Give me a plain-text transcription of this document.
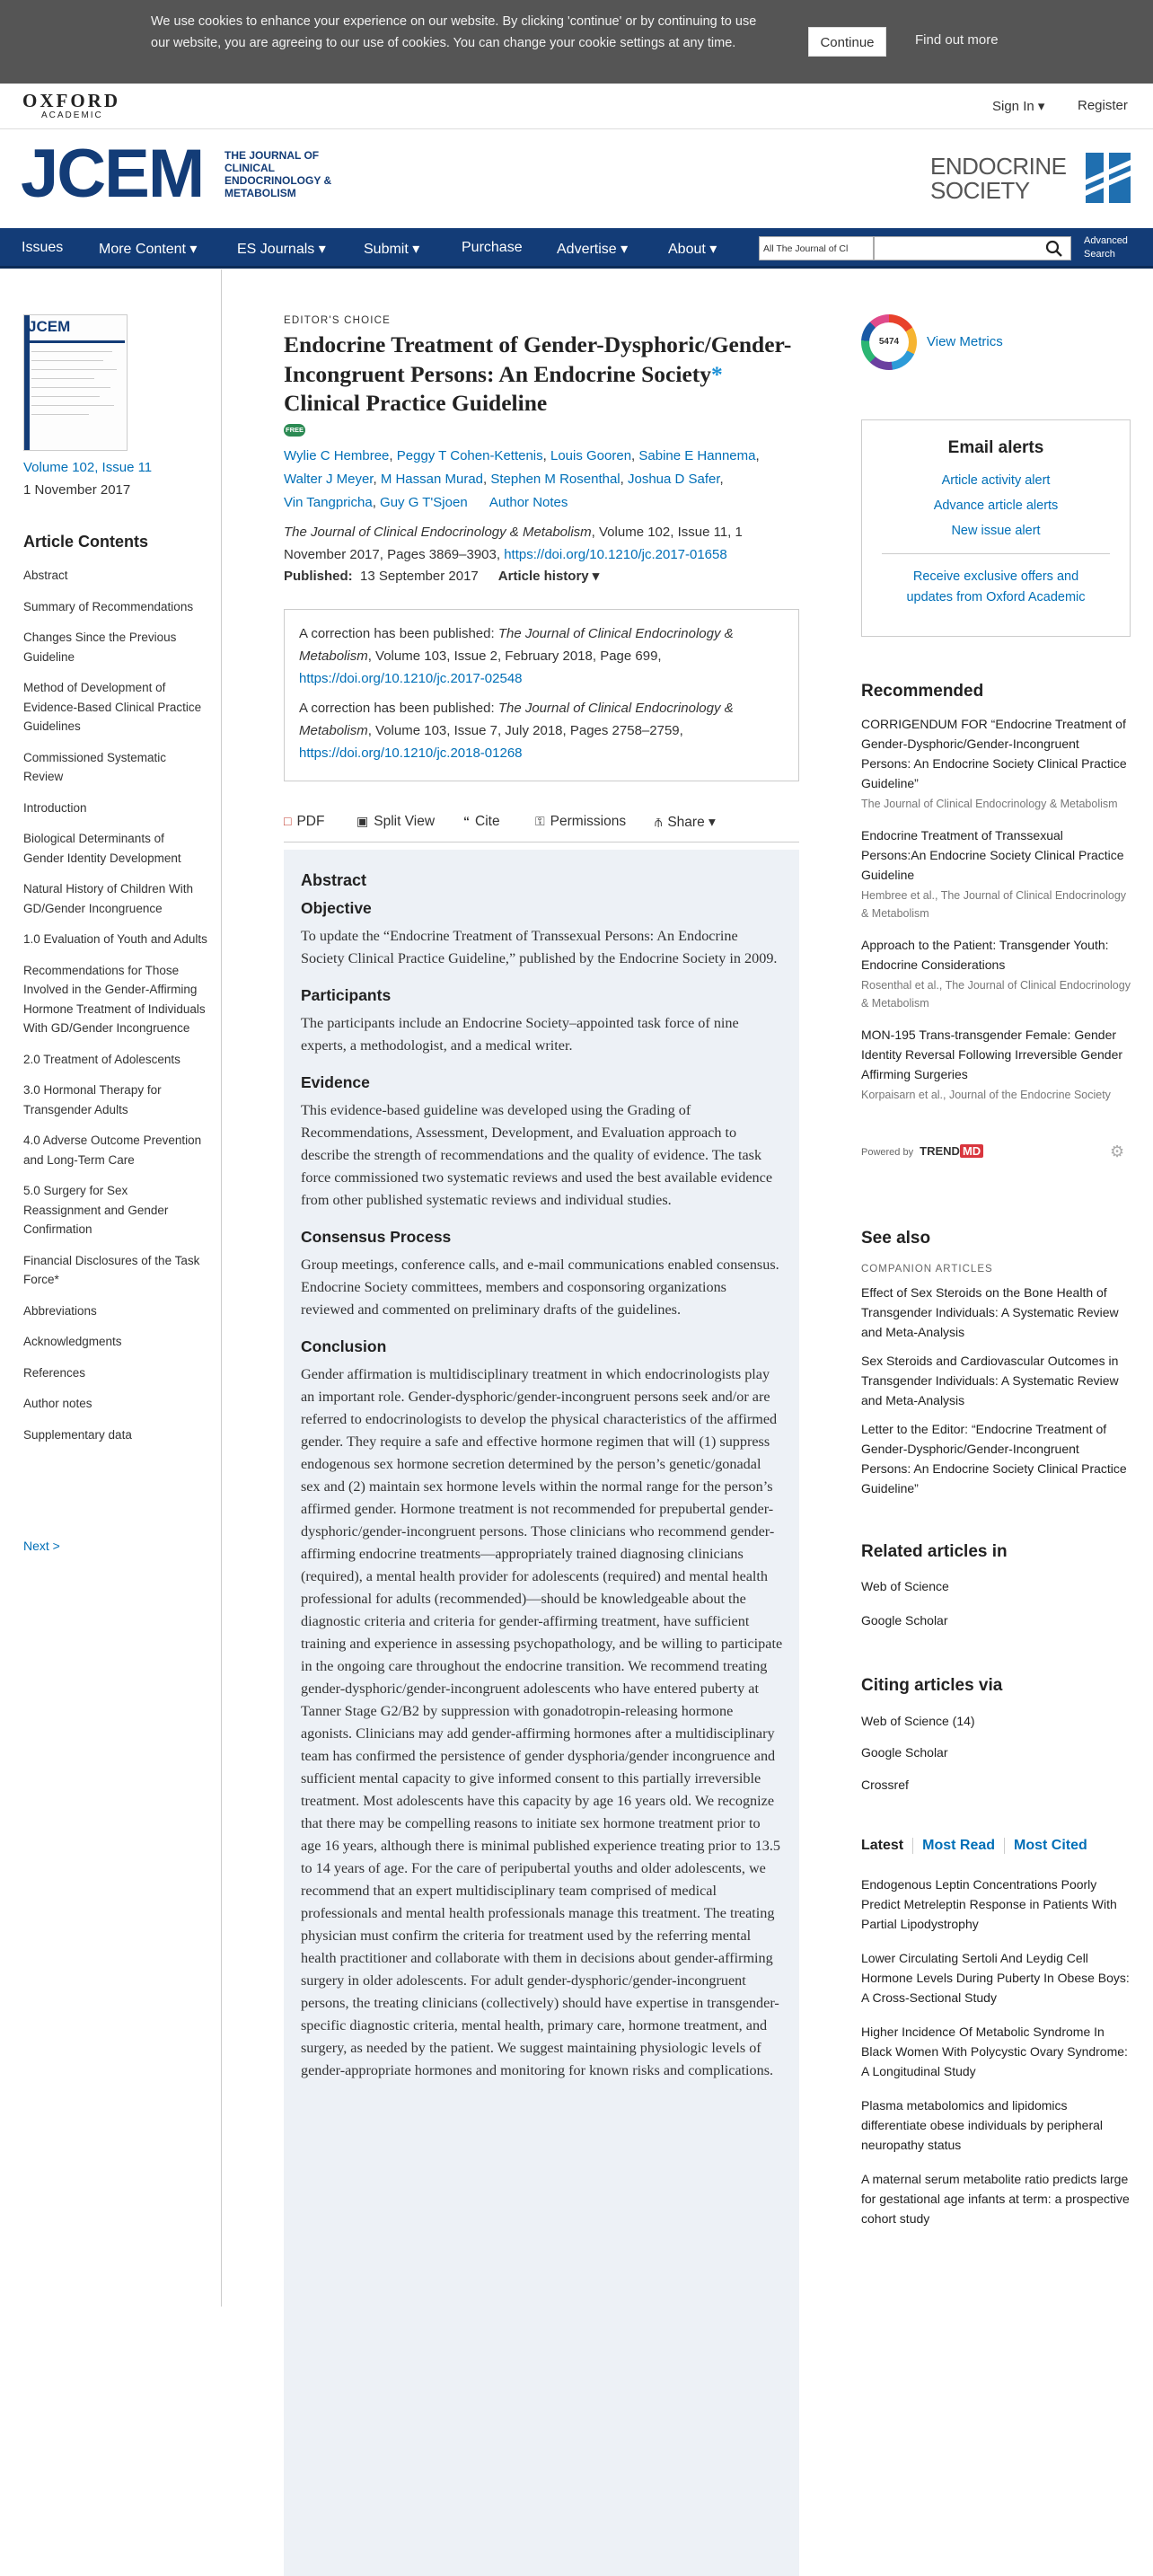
We use cookies to enhance your experience on our website. By clicking 'continue' or by continuing to use our website, you are agreeing to our use of cookies. You can change your cookie settings at any time.	Continue	Find out more
OXFORD
ACADEMIC
Sign In ▾ Register
JCEM THE JOURNAL OF CLINICAL ENDOCRINOLOGY & METABOLISM
ENDOCRINE SOCIETY
Issues More Content ▾	ES Journals ▾	Submit ▾	Purchase Advertise ▾	About ▾	All The Journal of Cl
Advanced Search
JCEM
Volume 102, Issue 11
1 November 2017
Article Contents
Abstract
Summary of Recommendations
Changes Since the Previous Guideline
Method of Development of Evidence-Based Clinical Practice Guidelines
Commissioned Systematic Review
Introduction
Biological Determinants of Gender Identity Development
Natural History of Children With GD/Gender Incongruence
1.0 Evaluation of Youth and Adults
Recommendations for Those Involved in the Gender-Affirming Hormone Treatment of Individuals With GD/Gender Incongruence
2.0 Treatment of Adolescents
3.0 Hormonal Therapy for Transgender Adults
4.0 Adverse Outcome Prevention and Long-Term Care
5.0 Surgery for Sex Reassignment and Gender Confirmation
Financial Disclosures of the Task Force*
Abbreviations
Acknowledgments
References
Author notes
Supplementary data
Next >
EDITOR'S CHOICE
Endocrine Treatment of Gender-Dysphoric/Gender-Incongruent Persons: An Endocrine Society* Clinical Practice Guideline
FREE
Wylie C Hembree, Peggy T Cohen-Kettenis, Louis Gooren, Sabine E Hannema, Walter J Meyer, M Hassan Murad, Stephen M Rosenthal, Joshua D Safer,
Vin Tangpricha, Guy G T'Sjoen Author Notes
The Journal of Clinical Endocrinology & Metabolism, Volume 102, Issue 11, 1 November 2017, Pages 3869–3903, https://doi.org/10.1210/jc.2017-01658
Published: 13 September 2017 Article history ▾
A correction has been published: The Journal of Clinical Endocrinology & Metabolism, Volume 103, Issue 2, February 2018, Page 699, https://doi.org/10.1210/jc.2017-02548
A correction has been published: The Journal of Clinical Endocrinology & Metabolism, Volume 103, Issue 7, July 2018, Pages 2758–2759, https://doi.org/10.1210/jc.2018-01268
□ PDF	▣ Split View “ Cite	⚿ Permissions ⫚ Share ▾
Abstract
Objective

To update the “Endocrine Treatment of Transsexual Persons: An Endocrine Society Clinical Practice Guideline,” published by the Endocrine Society in 2009.

Participants

The participants include an Endocrine Society–appointed task force of nine experts, a methodologist, and a medical writer.

Evidence

This evidence-based guideline was developed using the Grading of Recommendations, Assessment, Development, and Evaluation approach to describe the strength of recommendations and the quality of evidence. The task force commissioned two systematic reviews and used the best available evidence from other published systematic reviews and individual studies.

Consensus Process

Group meetings, conference calls, and e-mail communications enabled consensus. Endocrine Society committees, members and cosponsoring organizations reviewed and commented on preliminary drafts of the guidelines.

Conclusion

Gender affirmation is multidisciplinary treatment in which endocrinologists play an important role. Gender-dysphoric/gender-incongruent persons seek and/or are referred to endocrinologists to develop the physical characteristics of the affirmed gender. They require a safe and effective hormone regimen that will (1) suppress endogenous sex hormone secretion determined by the person’s genetic/gonadal sex and (2) maintain sex hormone levels within the normal range for the person’s affirmed gender. Hormone treatment is not recommended for prepubertal gender-dysphoric/gender-incongruent persons. Those clinicians who recommend gender-affirming endocrine treatments—appropriately trained diagnosing clinicians (required), a mental health provider for adolescents (required) and mental health professional for adults (recommended)—should be knowledgeable about the diagnostic criteria and criteria for gender-affirming treatment, have sufficient training and experience in assessing psychopathology, and be willing to participate in the ongoing care throughout the endocrine transition. We recommend treating gender-dysphoric/gender-incongruent adolescents who have entered puberty at Tanner Stage G2/B2 by suppression with gonadotropin-releasing hormone agonists. Clinicians may add gender-affirming hormones after a multidisciplinary team has confirmed the persistence of gender dysphoria/gender incongruence and sufficient mental capacity to give informed consent to this partially irreversible treatment. Most adolescents have this capacity by age 16 years old. We recognize that there may be compelling reasons to initiate sex hormone treatment prior to age 16 years, although there is minimal published experience treating prior to 13.5 to 14 years of age. For the care of peripubertal youths and older adolescents, we recommend that an expert multidisciplinary team comprised of medical professionals and mental health professionals manage this treatment. The treating physician must confirm the criteria for treatment used by the referring mental health practitioner and collaborate with them in decisions about gender-affirming surgery in older adolescents. For adult gender-dysphoric/gender-incongruent persons, the treating clinicians (collectively) should have expertise in transgender-specific diagnostic criteria, mental health, primary care, hormone treatment, and surgery, as needed by the patient. We suggest maintaining physiologic levels of gender-appropriate hormones and monitoring for known risks and complications.

5474	View Metrics
Email alerts
Article activity alert
Advance article alerts
New issue alert
Receive exclusive offers and updates from Oxford Academic
Recommended
CORRIGENDUM FOR “Endocrine Treatment of Gender-Dysphoric/Gender-Incongruent Persons: An Endocrine Society Clinical Practice Guideline”
The Journal of Clinical Endocrinology & Metabolism
Endocrine Treatment of Transsexual Persons:An Endocrine Society Clinical Practice Guideline
Hembree et al., The Journal of Clinical Endocrinology & Metabolism
Approach to the Patient: Transgender Youth: Endocrine Considerations
Rosenthal et al., The Journal of Clinical Endocrinology & Metabolism
MON-195 Trans-transgender Female: Gender Identity Reversal Following Irreversible Gender Affirming Surgeries
Korpaisarn et al., Journal of the Endocrine Society
Powered by TREND MD	⚙
See also
COMPANION ARTICLES
Effect of Sex Steroids on the Bone Health of Transgender Individuals: A Systematic Review and Meta-Analysis
Sex Steroids and Cardiovascular Outcomes in Transgender Individuals: A Systematic Review and Meta-Analysis
Letter to the Editor: “Endocrine Treatment of Gender-Dysphoric/Gender-Incongruent Persons: An Endocrine Society Clinical Practice Guideline”
Related articles in
Web of Science
Google Scholar
Citing articles via
Web of Science (14)
Google Scholar
Crossref
Latest Most Read Most Cited
Endogenous Leptin Concentrations Poorly Predict Metreleptin Response in Patients With Partial Lipodystrophy
Lower Circulating Sertoli And Leydig Cell Hormone Levels During Puberty In Obese Boys: A Cross-Sectional Study
Higher Incidence Of Metabolic Syndrome In Black Women With Polycystic Ovary Syndrome: A Longitudinal Study
Plasma metabolomics and lipidomics differentiate obese individuals by peripheral neuropathy status
A maternal serum metabolite ratio predicts large for gestational age infants at term: a prospective cohort study
